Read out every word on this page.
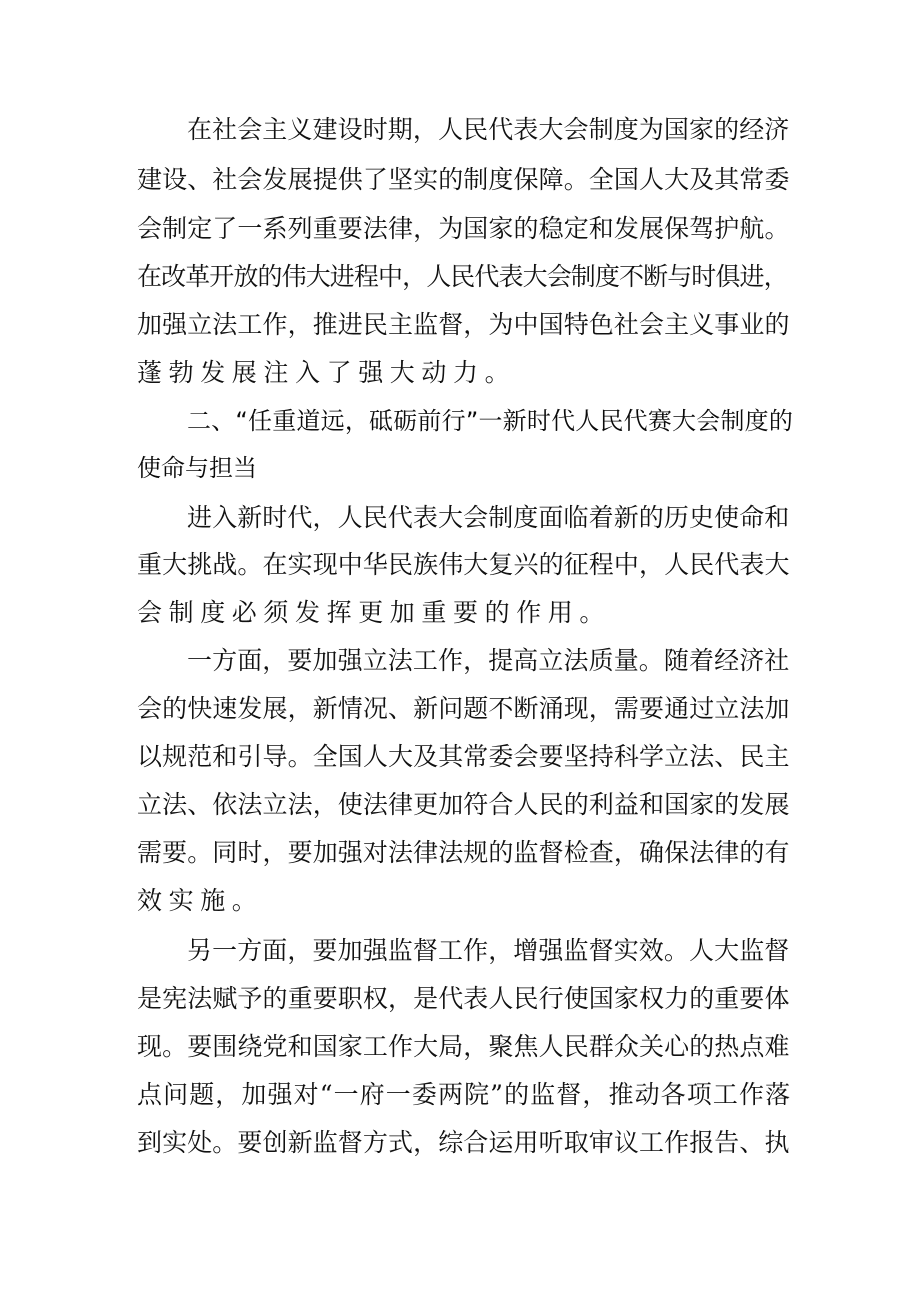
在社会主义建设时期，人民代表大会制度为国家的经济
建设、社会发展提供了坚实的制度保障。全国人大及其常委
会制定了一系列重要法律，为国家的稳定和发展保驾护航。
在改革开放的伟大进程中，人民代表大会制度不断与时俱进，
加强立法工作，推进民主监督，为中国特色社会主义事业的
蓬勃发展注入了强大动力。
二、“任重道远，砥砺前行”一新时代人民代赛大会制度的
使命与担当
进入新时代，人民代表大会制度面临着新的历史使命和
重大挑战。在实现中华民族伟大复兴的征程中，人民代表大
会制度必须发挥更加重要的作用。
一方面，要加强立法工作，提高立法质量。随着经济社
会的快速发展，新情况、新问题不断涌现，需要通过立法加
以规范和引导。全国人大及其常委会要坚持科学立法、民主
立法、依法立法，使法律更加符合人民的利益和国家的发展
需要。同时，要加强对法律法规的监督检查，确保法律的有
效实施。
另一方面，要加强监督工作，增强监督实效。人大监督
是宪法赋予的重要职权，是代表人民行使国家权力的重要体
现。要围绕党和国家工作大局，聚焦人民群众关心的热点难
点问题，加强对“一府一委两院”的监督，推动各项工作落
到实处。要创新监督方式，综合运用听取审议工作报告、执
